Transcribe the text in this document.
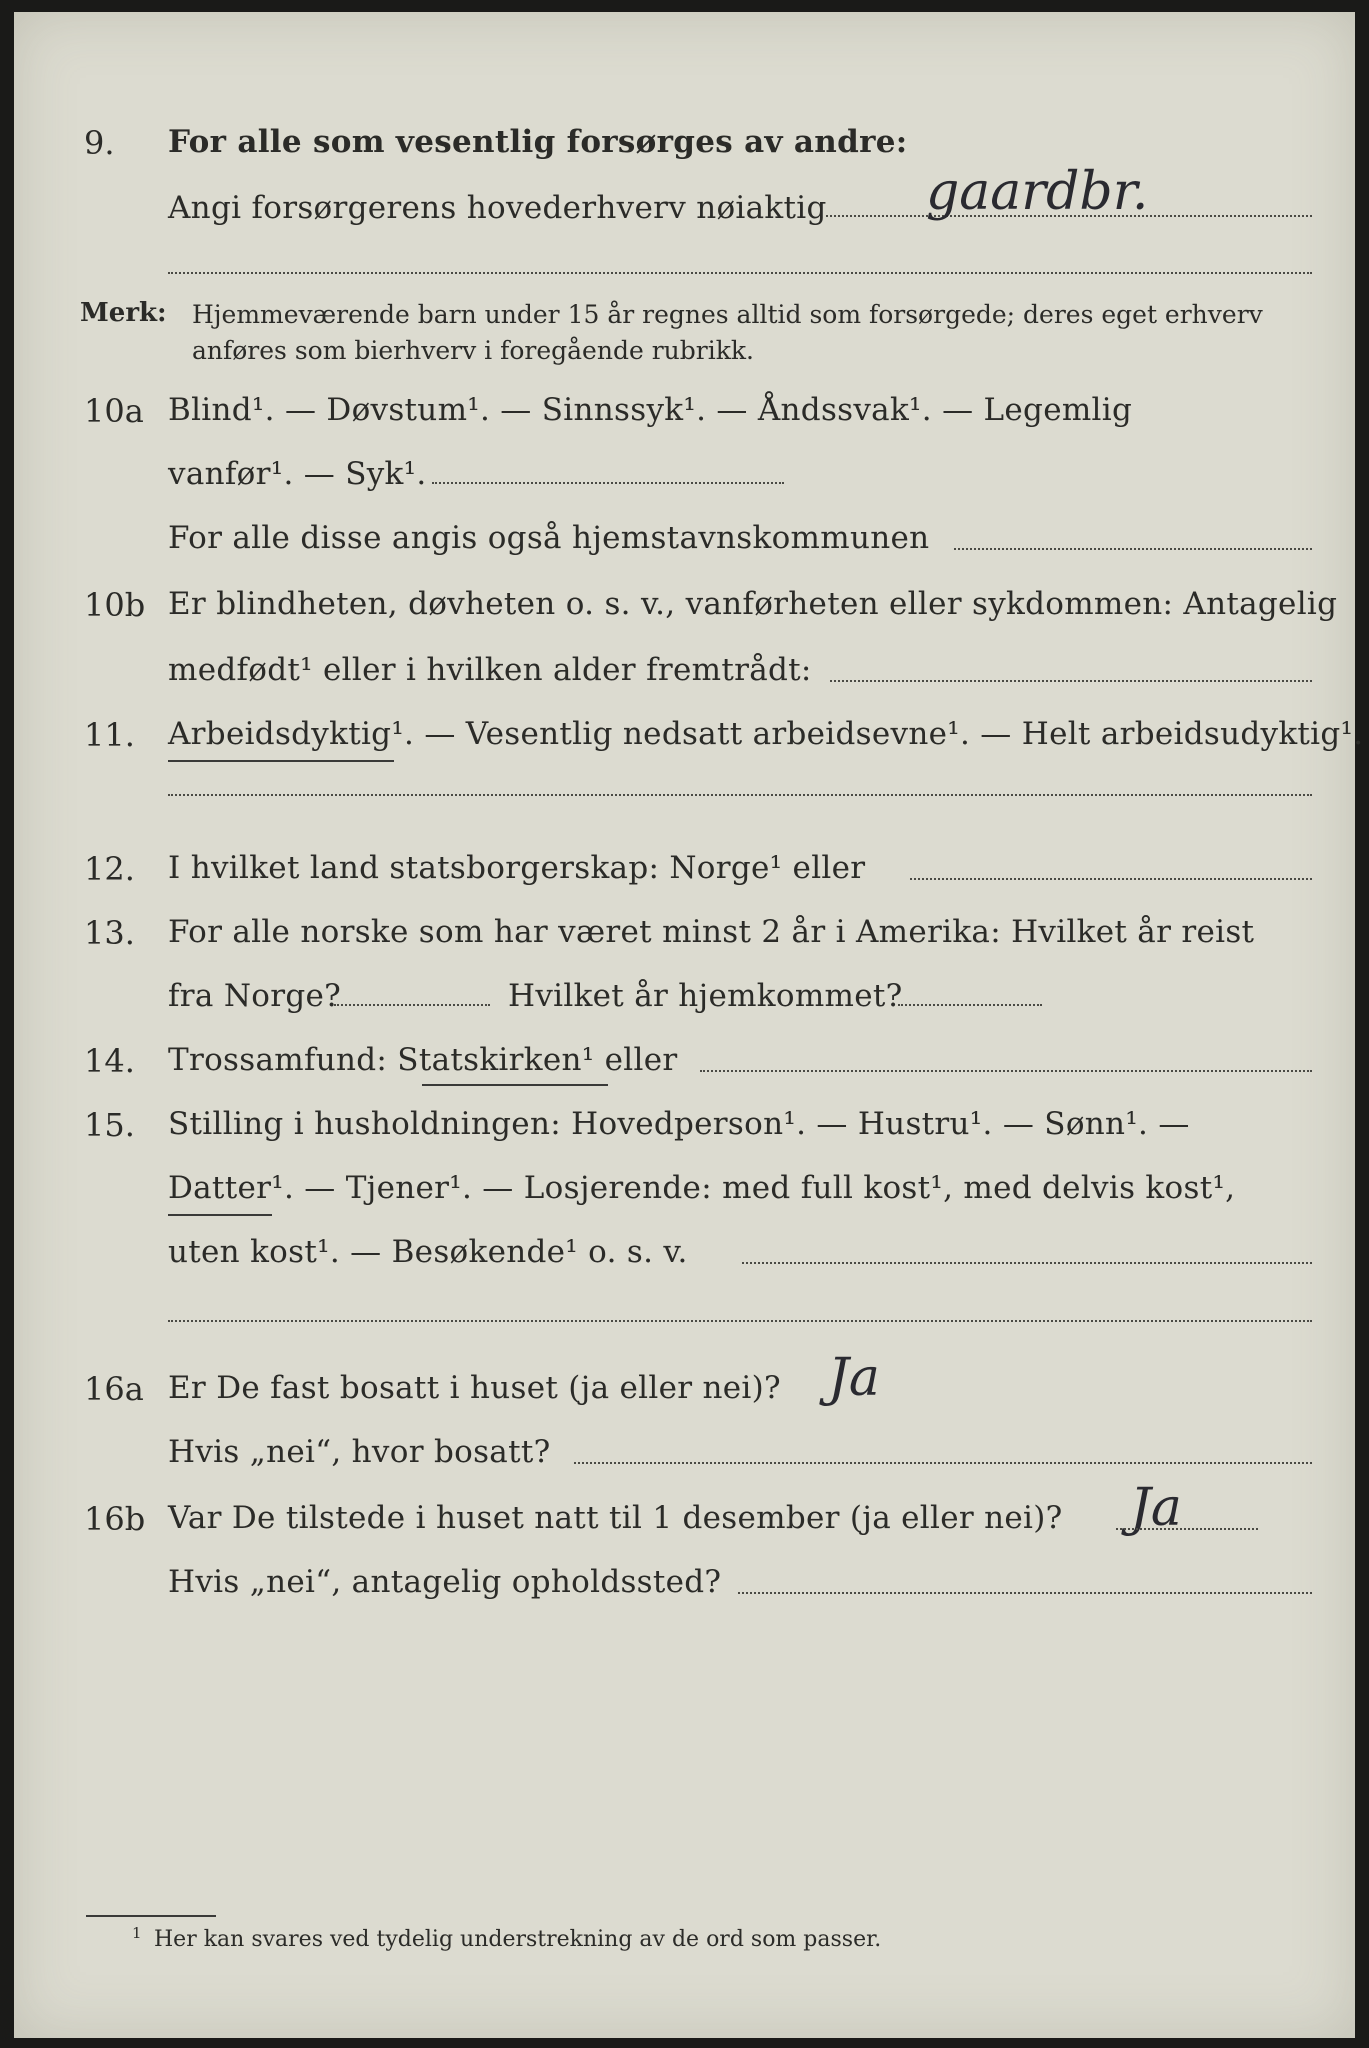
9. For alle som vesentlig forsørges av andre:
Angi forsørgerens hovederhverv nøiaktig gaardbr.
Merk: Hjemmeværende barn under 15 år regnes alltid som forsørgede; deres eget erhverv
anføres som bierhverv i foregående rubrikk.
10a Blind¹. — Døvstum¹. — Sinnssyk¹. — Åndssvak¹. — Legemlig
vanfør¹. — Syk¹.
For alle disse angis også hjemstavnskommunen
10b Er blindheten, døvheten o. s. v., vanførheten eller sykdommen: Antagelig
medfødt¹ eller i hvilken alder fremtrådt:
11. Arbeidsdyktig¹. — Vesentlig nedsatt arbeidsevne¹. — Helt arbeidsudyktig¹.
12. I hvilket land statsborgerskap: Norge¹ eller
13. For alle norske som har været minst 2 år i Amerika: Hvilket år reist
fra Norge?	Hvilket år hjemkommet?
14. Trossamfund: Statskirken¹ eller
15. Stilling i husholdningen: Hovedperson¹. — Hustru¹. — Sønn¹. —
Datter¹. — Tjener¹. — Losjerende: med full kost¹, med delvis kost¹,
uten kost¹. — Besøkende¹ o. s. v.
16a Er De fast bosatt i huset (ja eller nei)? Ja
Hvis „nei“, hvor bosatt?
16b Var De tilstede i huset natt til 1 desember (ja eller nei)? Ja
Hvis „nei“, antagelig opholdssted?
1 Her kan svares ved tydelig understrekning av de ord som passer.
